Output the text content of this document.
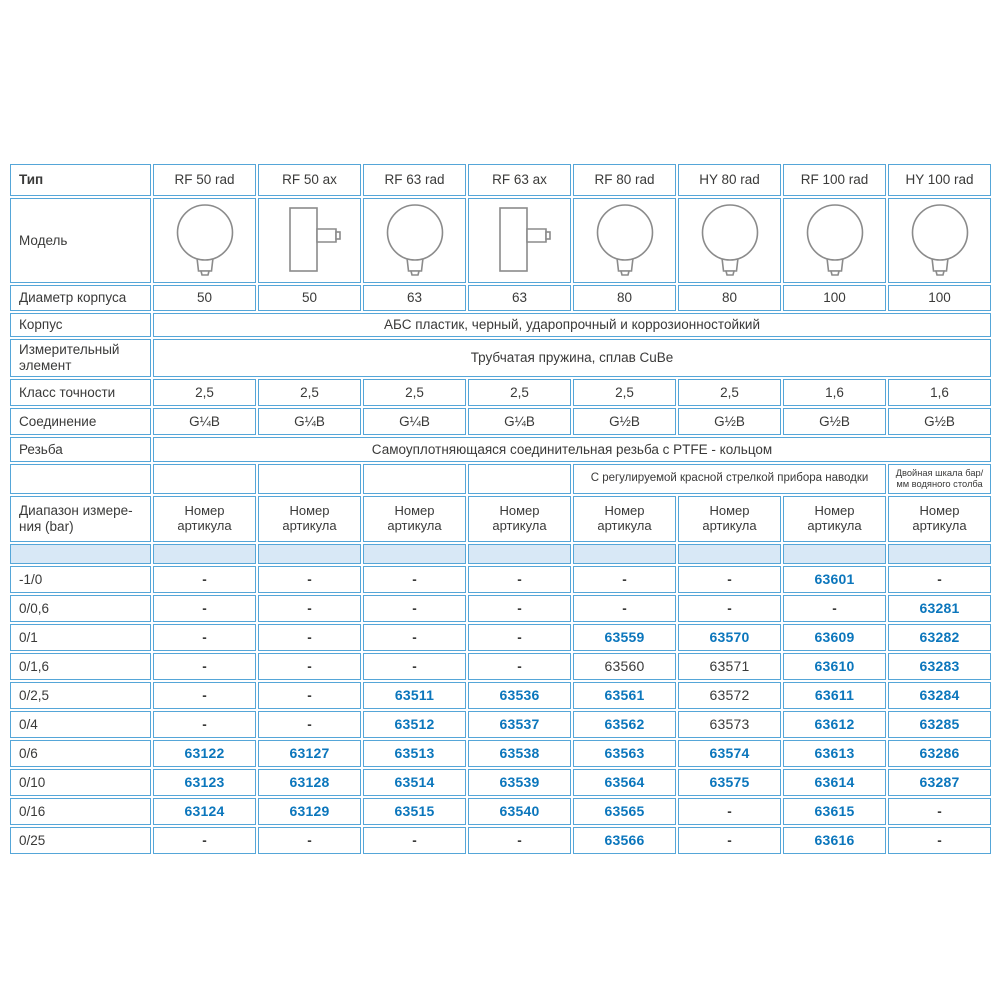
Тип	RF 50 rad	RF 50 ax	RF 63 rad	RF 63 ax	RF 80 rad	HY 80 rad	RF 100 rad	HY 100 rad
Модель	

Диаметр корпуса	50	50	63	63	80	80	100	100
Корпус	АБС пластик, черный, ударопрочный и коррозионностойкий							
Измерительный элемент	Трубчатая пружина, сплав CuBe							
Класс точности	2,5	2,5	2,5	2,5	2,5	2,5	1,6	1,6
Соединение	G¼B	G¼B	G¼B	G¼B	G½B	G½B	G½B	G½B
Резьба	Самоуплотняющаяся соединительная резьба с PTFE - кольцом							
					С регулируемой красной стрелкой прибора наводки			Двойная шкала бар/
мм водяного столба

Диапазон измере-
ния (bar)	Номер артикула	Номер артикула	Номер артикула	Номер артикула	Номер артикула	Номер артикула	Номер артикула	Номер артикула

-1/0	-	-	-	-	-	-	63601	-
0/0,6	-	-	-	-	-	-	-	63281
0/1	-	-	-	-	63559	63570	63609	63282
0/1,6	-	-	-	-	63560	63571	63610	63283
0/2,5	-	-	63511	63536	63561	63572	63611	63284
0/4	-	-	63512	63537	63562	63573	63612	63285
0/6	63122	63127	63513	63538	63563	63574	63613	63286
0/10	63123	63128	63514	63539	63564	63575	63614	63287
0/16	63124	63129	63515	63540	63565	-	63615	-
0/25	-	-	-	-	63566	-	63616	-
